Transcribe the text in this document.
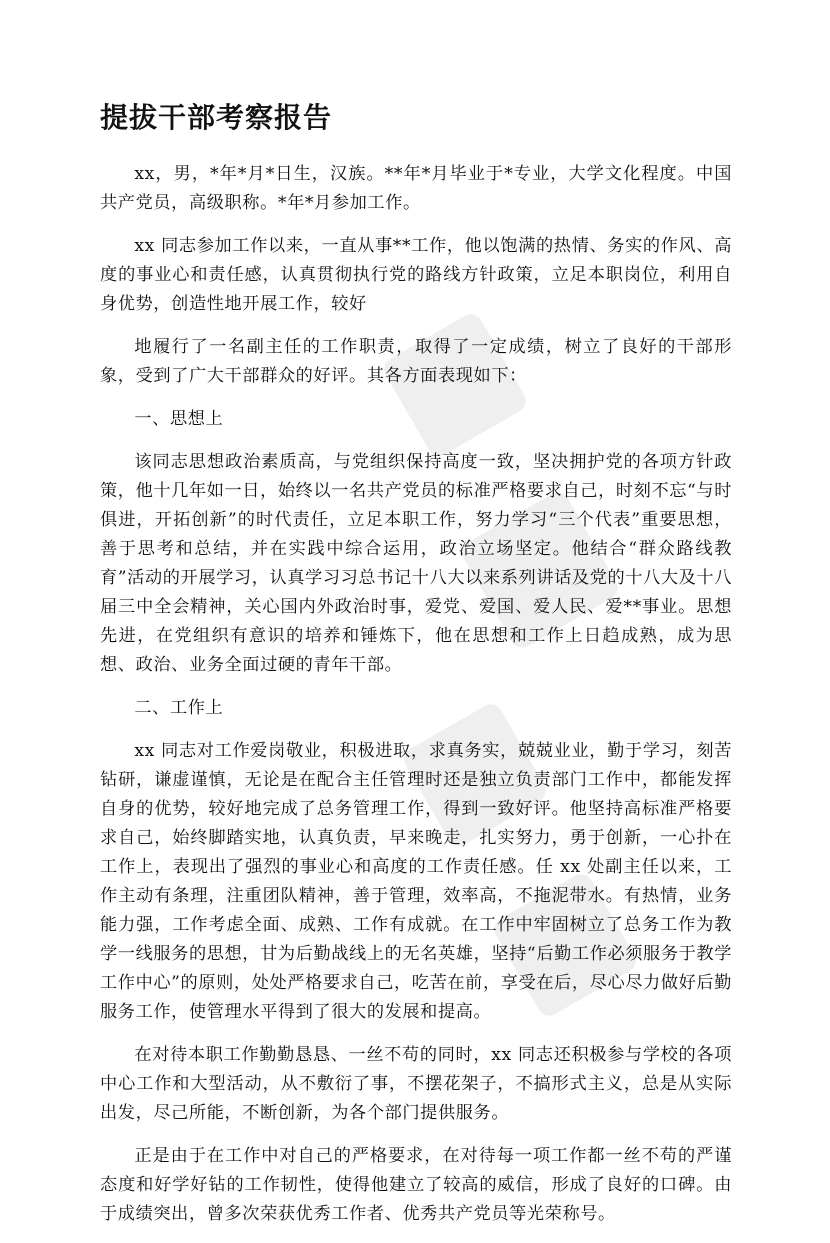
提拔干部考察报告

xx，男，*年*月*日生，汉族。**年*月毕业于*专业，大学文化程度。中国共产党员，高级职称。*年*月参加工作。

xx 同志参加工作以来，一直从事**工作，他以饱满的热情、务实的作风、高度的事业心和责任感，认真贯彻执行党的路线方针政策，立足本职岗位，利用自身优势，创造性地开展工作，较好

地履行了一名副主任的工作职责，取得了一定成绩，树立了良好的干部形象，受到了广大干部群众的好评。其各方面表现如下：

一、思想上

该同志思想政治素质高，与党组织保持高度一致，坚决拥护党的各项方针政策，他十几年如一日，始终以一名共产党员的标准严格要求自己，时刻不忘“与时俱进，开拓创新”的时代责任，立足本职工作，努力学习“三个代表”重要思想，善于思考和总结，并在实践中综合运用，政治立场坚定。他结合“群众路线教育”活动的开展学习，认真学习习总书记十八大以来系列讲话及党的十八大及十八届三中全会精神，关心国内外政治时事，爱党、爱国、爱人民、爱**事业。思想先进，在党组织有意识的培养和锤炼下，他在思想和工作上日趋成熟，成为思想、政治、业务全面过硬的青年干部。

二、工作上

xx 同志对工作爱岗敬业，积极进取，求真务实，兢兢业业，勤于学习，刻苦钻研，谦虚谨慎，无论是在配合主任管理时还是独立负责部门工作中，都能发挥自身的优势，较好地完成了总务管理工作，得到一致好评。他坚持高标准严格要求自己，始终脚踏实地，认真负责，早来晚走，扎实努力，勇于创新，一心扑在工作上，表现出了强烈的事业心和高度的工作责任感。任 xx 处副主任以来，工作主动有条理，注重团队精神，善于管理，效率高，不拖泥带水。有热情，业务能力强，工作考虑全面、成熟、工作有成就。在工作中牢固树立了总务工作为教学一线服务的思想，甘为后勤战线上的无名英雄，坚持“后勤工作必须服务于教学工作中心”的原则，处处严格要求自己，吃苦在前，享受在后，尽心尽力做好后勤服务工作，使管理水平得到了很大的发展和提高。

在对待本职工作勤勤恳恳、一丝不苟的同时，xx 同志还积极参与学校的各项中心工作和大型活动，从不敷衍了事，不摆花架子，不搞形式主义，总是从实际出发，尽己所能，不断创新，为各个部门提供服务。

正是由于在工作中对自己的严格要求，在对待每一项工作都一丝不苟的严谨态度和好学好钻的工作韧性，使得他建立了较高的威信，形成了良好的口碑。由于成绩突出，曾多次荣获优秀工作者、优秀共产党员等光荣称号。
